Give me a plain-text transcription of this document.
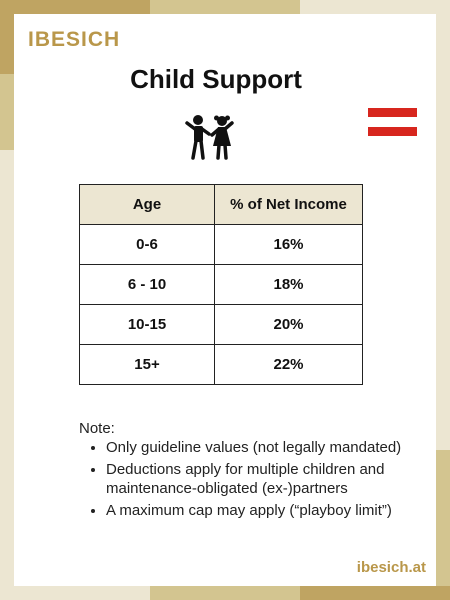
IBESICH
Child Support
Age	% of Net Income
0-6	16%
6 - 10	18%
10-15	20%
15+	22%
Note:
• Only guideline values (not legally mandated)
• Deductions apply for multiple children and maintenance-obligated (ex-)partners
• A maximum cap may apply (“playboy limit”)
ibesich.at
